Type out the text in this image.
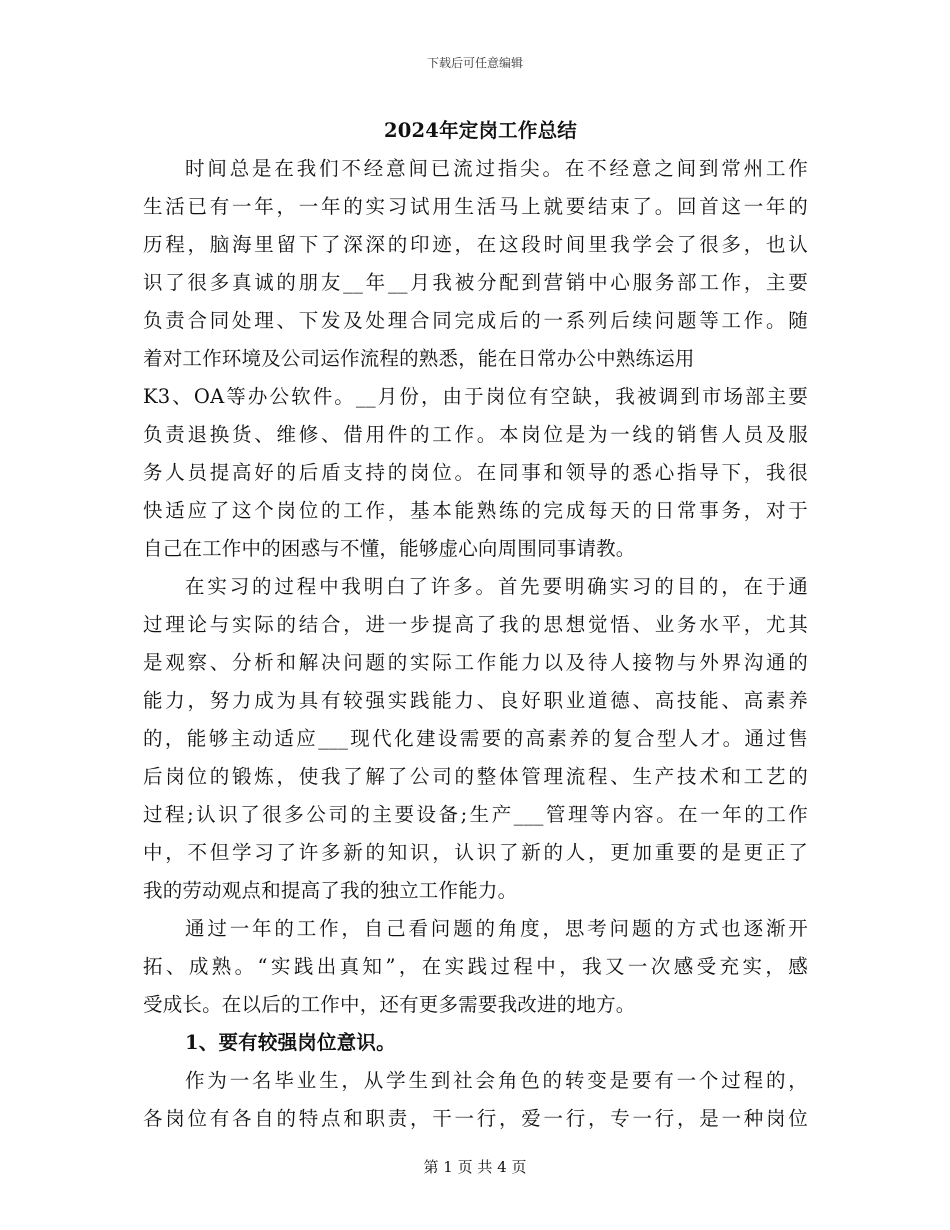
下载后可任意编辑
2024年定岗工作总结
时间总是在我们不经意间已流过指尖。在不经意之间到常州工作
生活已有一年，一年的实习试用生活马上就要结束了。回首这一年的
历程，脑海里留下了深深的印迹，在这段时间里我学会了很多，也认
识了很多真诚的朋友__年__月我被分配到营销中心服务部工作，主要
负责合同处理、下发及处理合同完成后的一系列后续问题等工作。随
着对工作环境及公司运作流程的熟悉，能在日常办公中熟练运用
K3、OA等办公软件。__月份，由于岗位有空缺，我被调到市场部主要
负责退换货、维修、借用件的工作。本岗位是为一线的销售人员及服
务人员提高好的后盾支持的岗位。在同事和领导的悉心指导下，我很
快适应了这个岗位的工作，基本能熟练的完成每天的日常事务，对于
自己在工作中的困惑与不懂，能够虚心向周围同事请教。
在实习的过程中我明白了许多。首先要明确实习的目的，在于通
过理论与实际的结合，进一步提高了我的思想觉悟、业务水平，尤其
是观察、分析和解决问题的实际工作能力以及待人接物与外界沟通的
能力，努力成为具有较强实践能力、良好职业道德、高技能、高素养
的，能够主动适应___现代化建设需要的高素养的复合型人才。通过售
后岗位的锻炼，使我了解了公司的整体管理流程、生产技术和工艺的
过程;认识了很多公司的主要设备;生产___管理等内容。在一年的工作
中，不但学习了许多新的知识，认识了新的人，更加重要的是更正了
我的劳动观点和提高了我的独立工作能力。
通过一年的工作，自己看问题的角度，思考问题的方式也逐渐开
拓、成熟。“实践出真知”，在实践过程中，我又一次感受充实，感
受成长。在以后的工作中，还有更多需要我改进的地方。
1、要有较强岗位意识。
作为一名毕业生，从学生到社会角色的转变是要有一个过程的，
各岗位有各自的特点和职责，干一行，爱一行，专一行，是一种岗位
第 1 页 共 4 页
